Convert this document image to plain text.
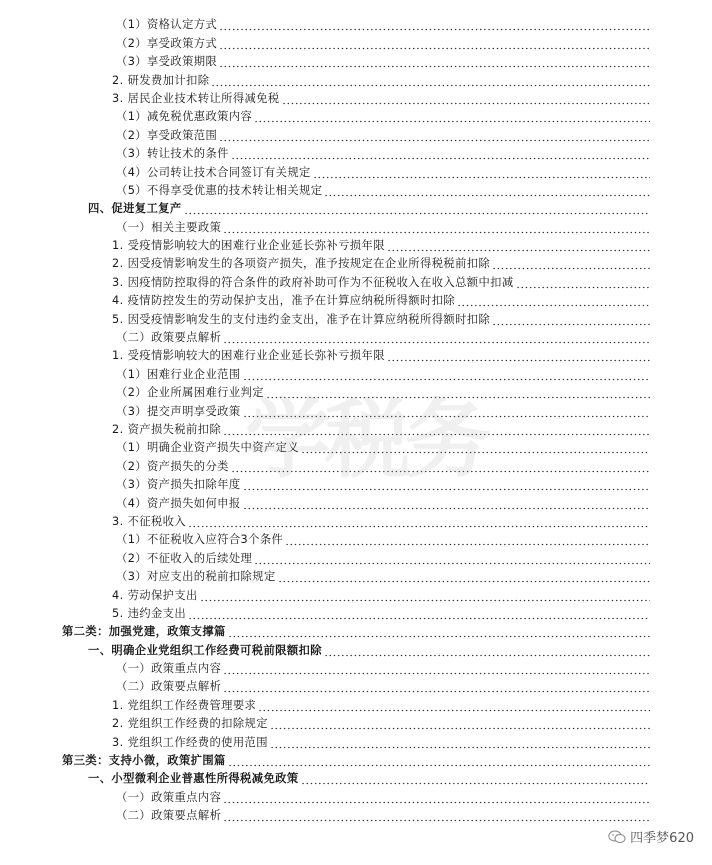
（1）资格认定方式
（2）享受政策方式
（3）享受政策期限
2. 研发费加计扣除
3. 居民企业技术转让所得减免税
（1）减免税优惠政策内容
（2）享受政策范围
（3）转让技术的条件
（4）公司转让技术合同签订有关规定
（5）不得享受优惠的技术转让相关规定
四、促进复工复产
（一）相关主要政策
1. 受疫情影响较大的困难行业企业延长弥补亏损年限
2. 因受疫情影响发生的各项资产损失，准予按规定在企业所得税税前扣除
3. 因疫情防控取得的符合条件的政府补助可作为不征税收入在收入总额中扣减
4. 疫情防控发生的劳动保护支出，准予在计算应纳税所得额时扣除
5. 因受疫情影响发生的支付违约金支出，准予在计算应纳税所得额时扣除
（二）政策要点解析
1. 受疫情影响较大的困难行业企业延长弥补亏损年限
（1）困难行业企业范围
（2）企业所属困难行业判定
（3）提交声明享受政策
2. 资产损失税前扣除
（1）明确企业资产损失中资产定义
（2）资产损失的分类
（3）资产损失扣除年度
（4）资产损失如何申报
3. 不征税收入
（1）不征税收入应符合3个条件
（2）不征收入的后续处理
（3）对应支出的税前扣除规定
4. 劳动保护支出
5. 违约金支出
第二类：加强党建，政策支撑篇
一、明确企业党组织工作经费可税前限额扣除
（一）政策重点内容
（二）政策要点解析
1. 党组织工作经费管理要求
2. 党组织工作经费的扣除规定
3. 党组织工作经费的使用范围
第三类：支持小微，政策扩围篇
一、小型微利企业普惠性所得税减免政策
（一）政策重点内容
（二）政策要点解析
四季梦620
